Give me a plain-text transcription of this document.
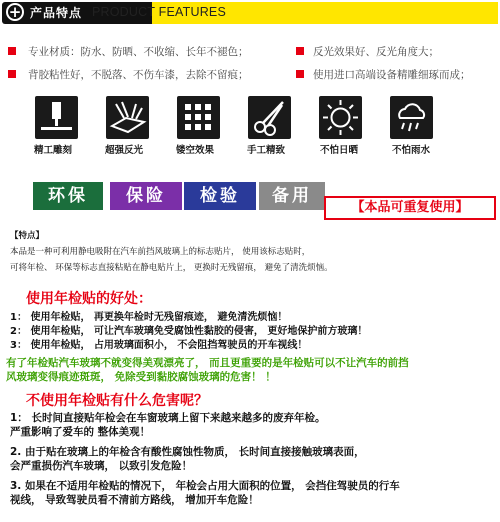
+ 产品特点 PRODUCT FEATURES
专业材质：防水、防晒、不收缩、长年不褪色；
背胶粘性好，不脱落、不伤车漆，去除不留痕；
反光效果好、反光角度大；
使用进口高端设备精雕细琢而成；
精工雕刻	超强反光	镂空效果	手工精致	不怕日晒	不怕雨水
环保	保险	检验	备用
【本品可重复使用】
【特点】
本品是一种可利用静电吸附在汽车前挡风玻璃上的标志贴片， 使用该标志贴时，
可将年检、 环保等标志直接粘贴在静电贴片上， 更换时无残留痕， 避免了清洗烦恼。
使用年检贴的好处：
1： 使用年检贴， 再更换年检时无残留痕迹， 避免清洗烦恼！
2： 使用年检贴， 可让汽车玻璃免受腐蚀性黏胶的侵害， 更好地保护前方玻璃！
3： 使用年检贴， 占用玻璃面积小， 不会阻挡驾驶员的开车视线！
有了年检贴汽车玻璃不就变得美观漂亮了， 而且更重要的是年检贴可以不让汽车的前挡
风玻璃变得痕迹斑斑， 免除受到黏胶腐蚀玻璃的危害！ ！
不使用年检贴有什么危害呢？
1： 长时间直接贴年检会在车窗玻璃上留下来越来越多的废弃年检。
严重影响了爱车的 整体美观！
2. 由于贴在玻璃上的年检含有酸性腐蚀性物质， 长时间直接接触玻璃表面，
会严重损伤汽车玻璃， 以致引发危险！
3. 如果在不适用年检贴的情况下， 年检会占用大面积的位置， 会挡住驾驶员的行车
视线， 导致驾驶员看不清前方路线， 增加开车危险！
